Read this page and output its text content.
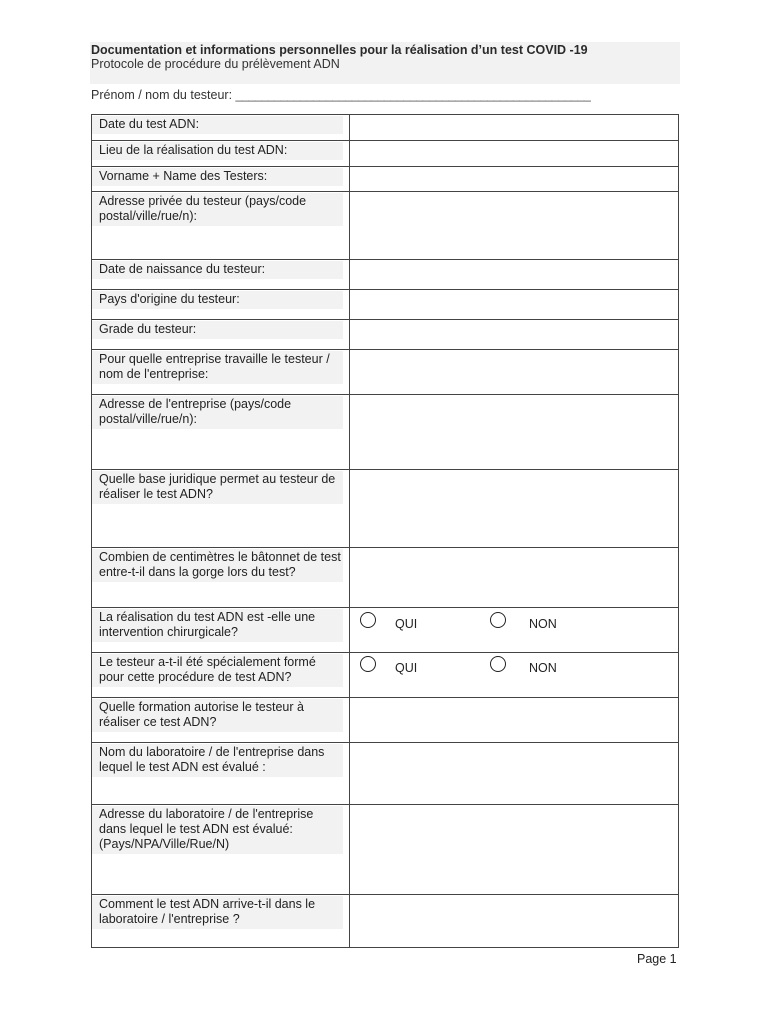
Documentation et informations personnelles pour la réalisation d’un test COVID -19
Protocole de procédure du prélèvement ADN
Prénom / nom du testeur: _______________________________________________________
Date du test ADN:	

Lieu de la réalisation du test ADN:	

Vorname + Name des Testers:	

Adresse privée du testeur (pays/code postal/ville/rue/n):	

Date de naissance du testeur:	

Pays d'origine du testeur:	

Grade du testeur:	

Pour quelle entreprise travaille le testeur / nom de l'entreprise:	

Adresse de l'entreprise (pays/code postal/ville/rue/n):	

Quelle base juridique permet au testeur de réaliser le test ADN?	

Combien de centimètres le bâtonnet de test entre-t-il dans la gorge lors du test?	

La réalisation du test ADN est -elle une intervention chirurgicale?	QUI NON

Le testeur a-t-il été spécialement formé pour cette procédure de test ADN?	QUI NON

Quelle formation autorise le testeur à réaliser ce test ADN?	

Nom du laboratoire / de l'entreprise dans lequel le test ADN est évalué :	

Adresse du laboratoire / de l'entreprise dans lequel le test ADN est évalué: (Pays/NPA/Ville/Rue/N)	

Comment le test ADN arrive-t-il dans le laboratoire / l'entreprise ?	

Page 1
